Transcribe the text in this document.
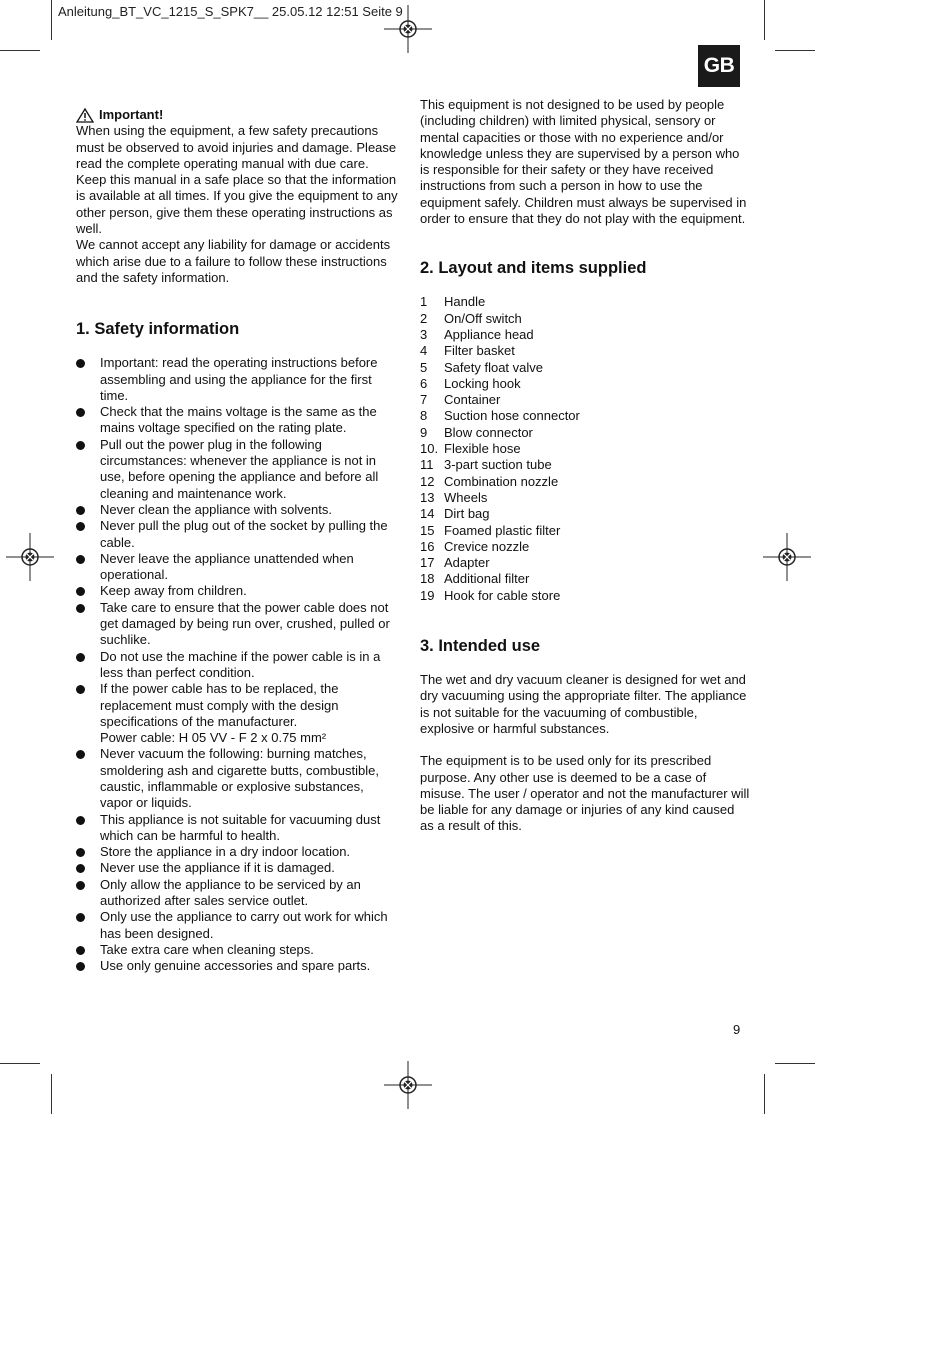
Anleitung_BT_VC_1215_S_SPK7__ 25.05.12 12:51 Seite 9
GB
Important!

When using the equipment, a few safety precautions must be observed to avoid injuries and damage. Please read the complete operating manual with due care. Keep this manual in a safe place so that the information is available at all times. If you give the equipment to any other person, give them these operating instructions as well.

We cannot accept any liability for damage or accidents which arise due to a failure to follow these instructions and the safety information.

1. Safety information
Important: read the operating instructions before assembling and using the appliance for the first time.
Check that the mains voltage is the same as the mains voltage specified on the rating plate.
Pull out the power plug in the following circumstances: whenever the appliance is not in use, before opening the appliance and before all cleaning and maintenance work.
Never clean the appliance with solvents.
Never pull the plug out of the socket by pulling the cable.
Never leave the appliance unattended when operational.
Keep away from children.
Take care to ensure that the power cable does not get damaged by being run over, crushed, pulled or suchlike.
Do not use the machine if the power cable is in a less than perfect condition.
If the power cable has to be replaced, the replacement must comply with the design specifications of the manufacturer.
Power cable: H 05 VV - F 2 x 0.75 mm²
Never vacuum the following: burning matches, smoldering ash and cigarette butts, combustible, caustic, inflammable or explosive substances, vapor or liquids.
This appliance is not suitable for vacuuming dust which can be harmful to health.
Store the appliance in a dry indoor location.
Never use the appliance if it is damaged.
Only allow the appliance to be serviced by an authorized after sales service outlet.
Only use the appliance to carry out work for which has been designed.
Take extra care when cleaning steps.
Use only genuine accessories and spare parts.

This equipment is not designed to be used by people (including children) with limited physical, sensory or mental capacities or those with no experience and/or knowledge unless they are supervised by a person who is responsible for their safety or they have received instructions from such a person in how to use the equipment safely. Children must always be supervised in order to ensure that they do not play with the equipment.

2. Layout and items supplied
1	Handle
2	On/Off switch
3	Appliance head
4	Filter basket
5	Safety float valve
6	Locking hook
7	Container
8	Suction hose connector
9	Blow connector
10. Flexible hose
11 3-part suction tube
12 Combination nozzle
13 Wheels
14 Dirt bag
15 Foamed plastic filter
16 Crevice nozzle
17 Adapter
18 Additional filter
19 Hook for cable store
3. Intended use

The wet and dry vacuum cleaner is designed for wet and dry vacuuming using the appropriate filter. The appliance is not suitable for the vacuuming of combustible, explosive or harmful substances.

The equipment is to be used only for its prescribed purpose. Any other use is deemed to be a case of misuse. The user / operator and not the manufacturer will be liable for any damage or injuries of any kind caused as a result of this.

9
